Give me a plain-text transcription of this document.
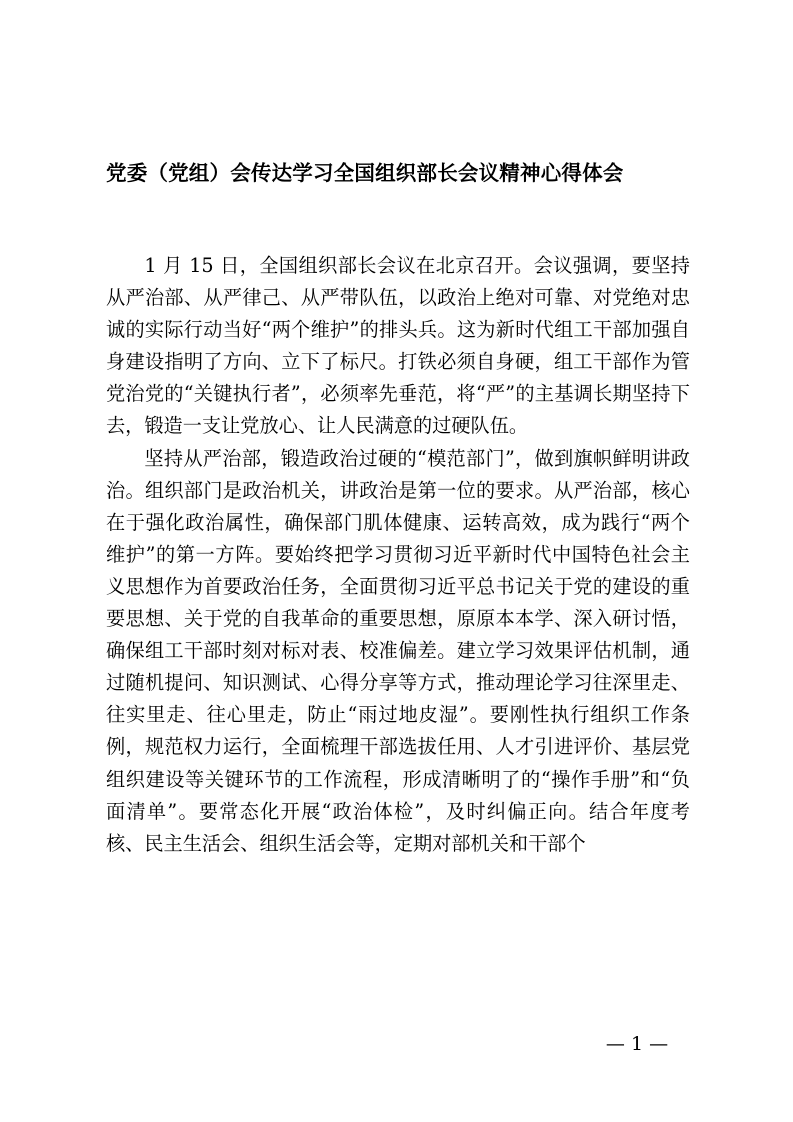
党委（党组）会传达学习全国组织部长会议精神心得体会

1 月 15 日，全国组织部长会议在北京召开。会议强调，要坚持从严治部、从严律己、从严带队伍，以政治上绝对可靠、对党绝对忠诚的实际行动当好“两个维护”的排头兵。这为新时代组工干部加强自身建设指明了方向、立下了标尺。打铁必须自身硬，组工干部作为管党治党的“关键执行者”，必须率先垂范，将“严”的主基调长期坚持下去，锻造一支让党放心、让人民满意的过硬队伍。

坚持从严治部，锻造政治过硬的“模范部门”，做到旗帜鲜明讲政治。组织部门是政治机关，讲政治是第一位的要求。从严治部，核心在于强化政治属性，确保部门肌体健康、运转高效，成为践行“两个维护”的第一方阵。要始终把学习贯彻习近平新时代中国特色社会主义思想作为首要政治任务，全面贯彻习近平总书记关于党的建设的重要思想、关于党的自我革命的重要思想，原原本本学、深入研讨悟，确保组工干部时刻对标对表、校准偏差。建立学习效果评估机制，通过随机提问、知识测试、心得分享等方式，推动理论学习往深里走、往实里走、往心里走，防止“雨过地皮湿”。要刚性执行组织工作条例，规范权力运行，全面梳理干部选拔任用、人才引进评价、基层党组织建设等关键环节的工作流程，形成清晰明了的“操作手册”和“负面清单”。要常态化开展“政治体检”，及时纠偏正向。结合年度考核、民主生活会、组织生活会等，定期对部机关和干部个

— 1 —
